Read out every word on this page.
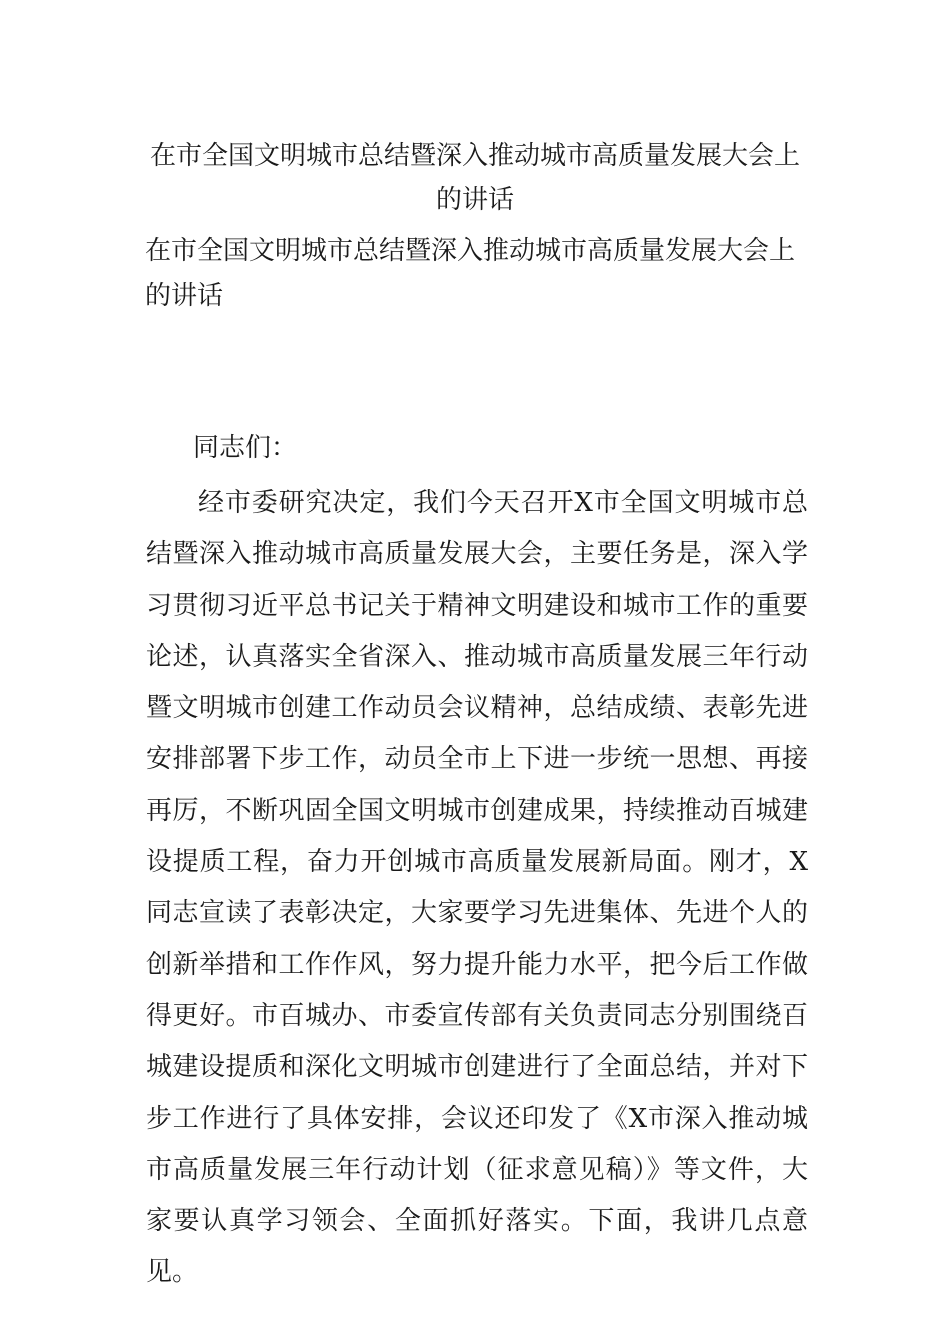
在市全国文明城市总结暨深入推动城市高质量发展大会上的讲话

在市全国文明城市总结暨深入推动城市高质量发展大会上的讲话

同志们：

经市委研究决定，我们今天召开X市全国文明城市总结暨深入推动城市高质量发展大会，主要任务是，深入学习贯彻习近平总书记关于精神文明建设和城市工作的重要论述，认真落实全省深入、推动城市高质量发展三年行动暨文明城市创建工作动员会议精神，总结成绩、表彰先进安排部署下步工作，动员全市上下进一步统一思想、再接再厉，不断巩固全国文明城市创建成果，持续推动百城建设提质工程，奋力开创城市高质量发展新局面。刚才，X同志宣读了表彰决定，大家要学习先进集体、先进个人的创新举措和工作作风，努力提升能力水平，把今后工作做得更好。市百城办、市委宣传部有关负责同志分别围绕百城建设提质和深化文明城市创建进行了全面总结，并对下步工作进行了具体安排，会议还印发了《X市深入推动城市高质量发展三年行动计划（征求意见稿）》等文件，大家要认真学习领会、全面抓好落实。下面，我讲几点意见。
